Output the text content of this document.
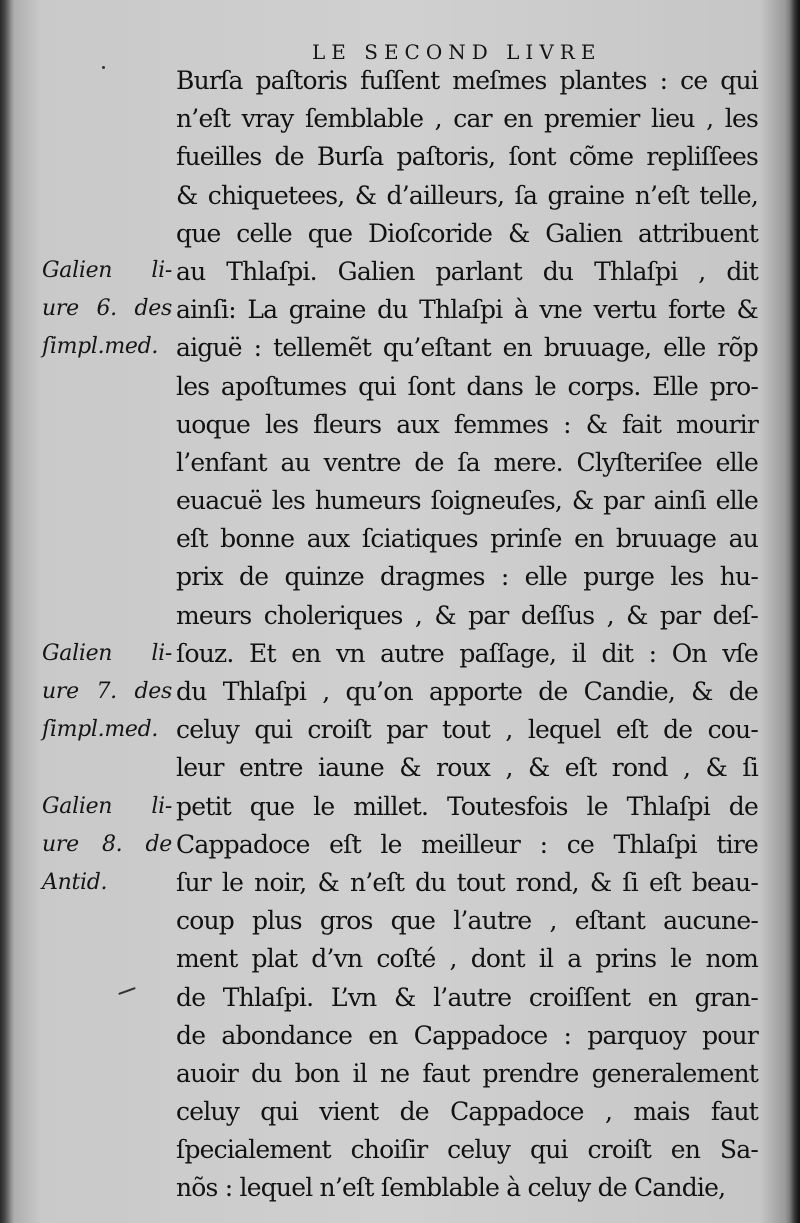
LE SECOND LIVRE
Burſa paſtoris fuſſent meſmes plantes : ce qui
n’eſt vray ſemblable , car en premier lieu , les
fueilles de Burſa paſtoris, ſont cõme repliſſees
& chiquetees, & d’ailleurs, ſa graine n’eſt telle,
que celle que Dioſcoride & Galien attribuent
au Thlaſpi. Galien parlant du Thlaſpi , dit
ainſi: La graine du Thlaſpi à vne vertu forte &
aiguë : tellemẽt qu’eſtant en bruuage, elle rõp
les apoſtumes qui ſont dans le corps. Elle pro-
uoque les fleurs aux femmes : & fait mourir
l’enfant au ventre de ſa mere. Clyſteriſee elle
euacuë les humeurs ſoigneuſes, & par ainſi elle
eſt bonne aux ſciatiques prinſe en bruuage au
prix de quinze dragmes : elle purge les hu-
meurs choleriques , & par deſſus , & par deſ-
ſouz. Et en vn autre paſſage, il dit : On vſe
du Thlaſpi , qu’on apporte de Candie, & de
celuy qui croiſt par tout , lequel eſt de cou-
leur entre iaune & roux , & eſt rond , & ſi
petit que le millet. Toutesfois le Thlaſpi de
Cappadoce eſt le meilleur : ce Thlaſpi tire
ſur le noir, & n’eſt du tout rond, & ſi eſt beau-
coup plus gros que l’autre , eſtant aucune-
ment plat d’vn coſté , dont il a prins le nom
de Thlaſpi. L’vn & l’autre croiſſent en gran-
de abondance en Cappadoce : parquoy pour
auoir du bon il ne faut prendre generalement
celuy qui vient de Cappadoce , mais faut
ſpecialement choiſir celuy qui croiſt en Sa-
nõs : lequel n’eſt ſemblable à celuy de Candie,
Galien li-
ure 6. des
ſimpl.med.
Galien li-
ure 7. des
ſimpl.med.
Galien li-
ure 8. de
Antid.
